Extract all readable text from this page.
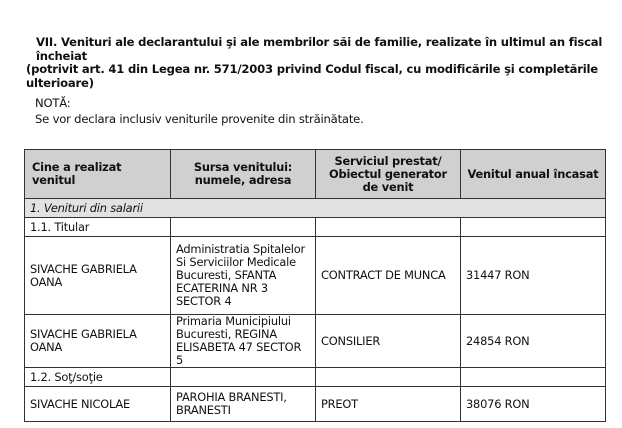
VII. Venituri ale declarantului şi ale membrilor săi de familie, realizate în ultimul an fiscal încheiat
(potrivit art. 41 din Legea nr. 571/2003 privind Codul fiscal, cu modificările şi completările
ulterioare)
NOTĂ:
Se vor declara inclusiv veniturile provenite din străinătate.
Cine a realizat venitul	Sursa venitului: numele, adresa	Serviciul prestat/ Obiectul generator de venit	Venitul anual încasat
1. Venituri din salarii			
1.1. Titular			
SIVACHE GABRIELA OANA	Administratia Spitalelor Si Serviciilor Medicale Bucuresti, SFANTA ECATERINA NR 3 SECTOR 4	CONTRACT DE MUNCA	31447 RON
SIVACHE GABRIELA OANA	Primaria Municipiului Bucuresti, REGINA ELISABETA 47 SECTOR 5	CONSILIER	24854 RON
1.2. Soţ/soţie			
SIVACHE NICOLAE	PAROHIA BRANESTI, BRANESTI	PREOT	38076 RON
